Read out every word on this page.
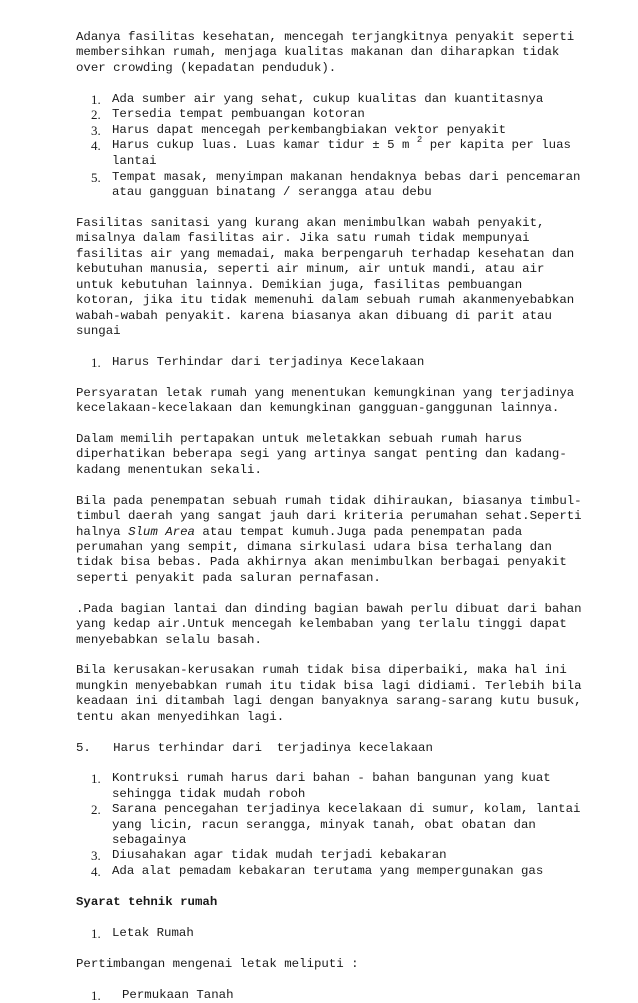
Adanya fasilitas kesehatan, mencegah terjangkitnya penyakit seperti membersihkan rumah, menjaga kualitas makanan dan diharapkan tidak over crowding (kepadatan penduduk).

1. Ada sumber air yang sehat, cukup kualitas dan kuantitasnya
2. Tersedia tempat pembuangan kotoran
3. Harus dapat mencegah perkembangbiakan vektor penyakit
4. Harus cukup luas. Luas kamar tidur ± 5 m $^2$ per kapita per luas lantai
5. Tempat masak, menyimpan makanan hendaknya bebas dari pencemaran atau gangguan binatang / serangga atau debu

Fasilitas sanitasi yang kurang akan menimbulkan wabah penyakit, misalnya dalam fasilitas air. Jika satu rumah tidak mempunyai fasilitas air yang memadai, maka berpengaruh terhadap kesehatan dan kebutuhan manusia, seperti air minum, air untuk mandi, atau air untuk kebutuhan lainnya. Demikian juga, fasilitas pembuangan kotoran, jika itu tidak memenuhi dalam sebuah rumah akanmenyebabkan wabah-wabah penyakit. karena biasanya akan dibuang di parit atau sungai

1. Harus Terhindar dari terjadinya Kecelakaan

Persyaratan letak rumah yang menentukan kemungkinan yang terjadinya kecelakaan-kecelakaan dan kemungkinan gangguan-ganggunan lainnya.

Dalam memilih pertapakan untuk meletakkan sebuah rumah harus diperhatikan beberapa segi yang artinya sangat penting dan kadang-kadang menentukan sekali.

Bila pada penempatan sebuah rumah tidak dihiraukan, biasanya timbul-timbul daerah yang sangat jauh dari kriteria perumahan sehat.Seperti halnya Slum Area atau tempat kumuh.Juga pada penempatan pada perumahan yang sempit, dimana sirkulasi udara bisa terhalang dan tidak bisa bebas. Pada akhirnya akan menimbulkan berbagai penyakit seperti penyakit pada saluran pernafasan.

.Pada bagian lantai dan dinding bagian bawah perlu dibuat dari bahan yang kedap air.Untuk mencegah kelembaban yang terlalu tinggi dapat menyebabkan selalu basah.

Bila kerusakan-kerusakan rumah tidak bisa diperbaiki, maka hal ini mungkin menyebabkan rumah itu tidak bisa lagi didiami. Terlebih bila keadaan ini ditambah lagi dengan banyaknya sarang-sarang kutu busuk, tentu akan menyedihkan lagi.

5.   Harus terhindar dari  terjadinya kecelakaan

1. Kontruksi rumah harus dari bahan - bahan bangunan yang kuat sehingga tidak mudah roboh
2. Sarana pencegahan terjadinya kecelakaan di sumur, kolam, lantai yang licin, racun serangga, minyak tanah, obat obatan dan sebagainya
3. Diusahakan agar tidak mudah terjadi kebakaran
4. Ada alat pemadam kebakaran terutama yang mempergunakan gas

Syarat tehnik rumah

1. Letak Rumah

Pertimbangan mengenai letak meliputi :

1. Permukaan Tanah
